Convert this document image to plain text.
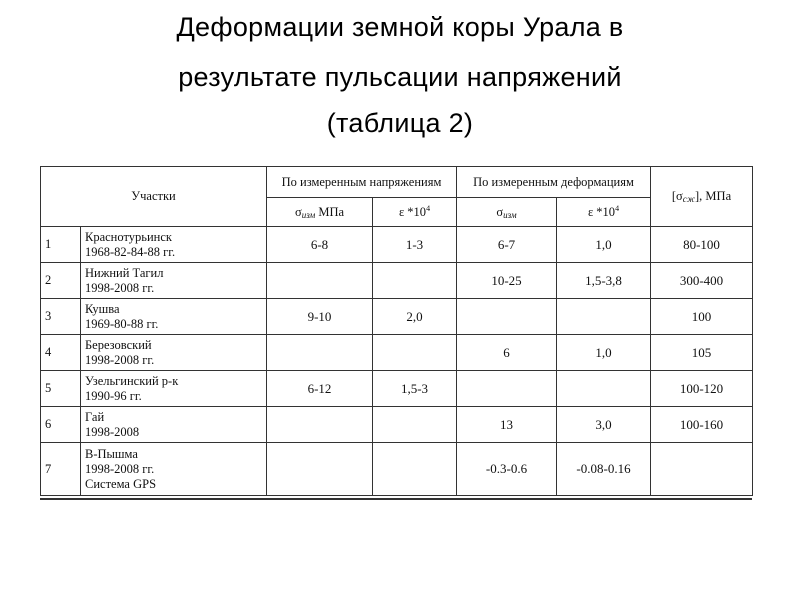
Деформации земной коры Урала в
результате пульсации напряжений
(таблица 2)
Участки		По измеренным напряжениям		По измеренным деформациям		$[\sigma_{сж}]$, МПа
		$\sigma_{изм}$ МПа	ε $*10^4$	$\sigma_{изм}$	ε $*10^4$
1	Краснотурьинск
1968-82-84-88 гг.	6-8	1-3	6-7	1,0	80-100
2	Нижний Тагил
1998-2008 гг.			10-25	1,5-3,8	300-400
3	Кушва
1969-80-88 гг.	9-10	2,0			100
4	Березовский
1998-2008 гг.			6	1,0	105
5	Узельгинский р-к
1990-96 гг.	6-12	1,5-3			100-120
6	Гай
1998-2008			13	3,0	100-160
7	В-Пышма
1998-2008 гг.
Система GPS			-0.3-0.6	-0.08-0.16	
